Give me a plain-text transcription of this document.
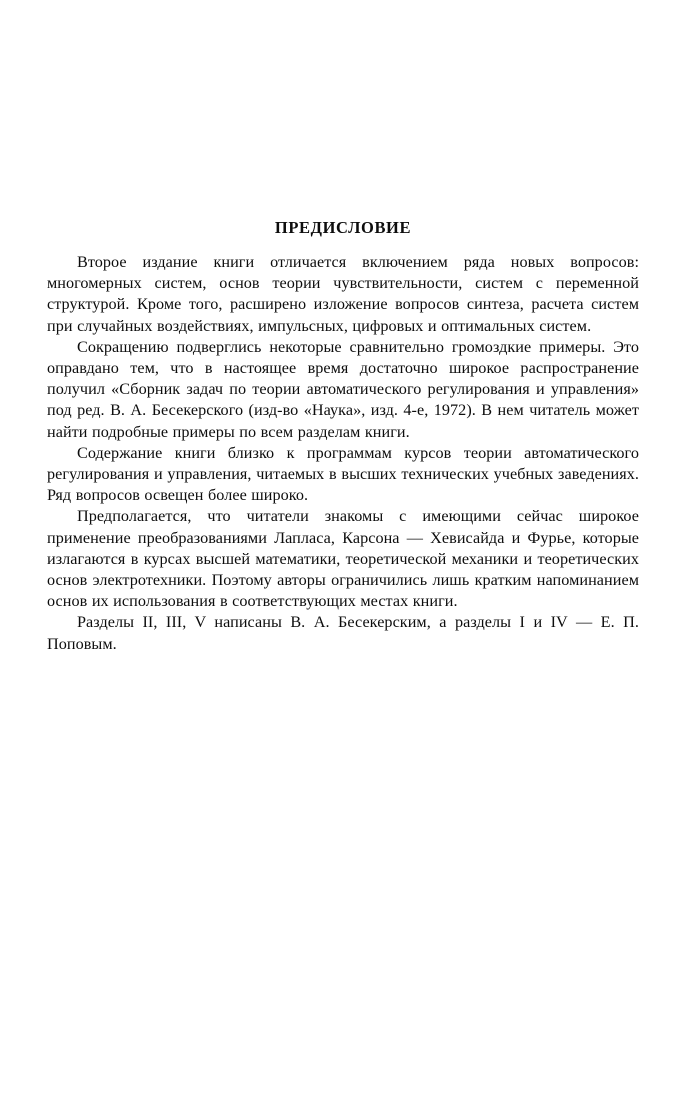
ПРЕДИСЛОВИЕ

Второе издание книги отличается включением ряда новых вопросов: многомерных систем, основ теории чувствительности, систем с переменной структурой. Кроме того, расширено изложение вопросов синтеза, расчета систем при случайных воздействиях, импульсных, цифровых и оптимальных систем.

Сокращению подверглись некоторые сравнительно громоздкие примеры. Это оправдано тем, что в настоящее время достаточно широкое распространение получил «Сборник задач по теории автоматического регулирования и управления» под ред. В. А. Бесекерского (изд-во «Наука», изд. 4-е, 1972). В нем читатель может найти подробные примеры по всем разделам книги.

Содержание книги близко к программам курсов теории автоматического регулирования и управления, читаемых в высших технических учебных заведениях. Ряд вопросов освещен более широко.

Предполагается, что читатели знакомы с имеющими сейчас широкое применение преобразованиями Лапласа, Карсона — Хевисайда и Фурье, которые излагаются в курсах высшей математики, теоретической механики и теоретических основ электротехники. Поэтому авторы ограничились лишь кратким напоминанием основ их использования в соответствующих местах книги.

Разделы II, III, V написаны В. А. Бесекерским, а разделы I и IV — Е. П. Поповым.
